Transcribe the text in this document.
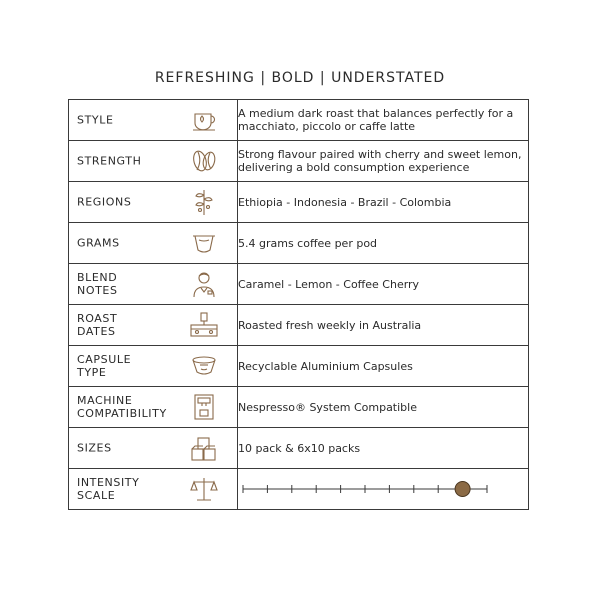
REFRESHING | BOLD | UNDERSTATED
STYLE	A medium dark roast that balances perfectly for a macchiato, piccolo or caffe latte

STRENGTH	Strong flavour paired with cherry and sweet lemon, delivering a bold consumption experience

REGIONS	Ethiopia - Indonesia - Brazil - Colombia

GRAMS	5.4 grams coffee per pod

BLEND
NOTES	Caramel - Lemon - Coffee Cherry

ROAST
DATES	Roasted fresh weekly in Australia

CAPSULE
TYPE	Recyclable Aluminium Capsules

MACHINE
COMPATIBILITY	Nespresso® System Compatible

SIZES	10 pack & 6x10 packs

INTENSITY
SCALE
